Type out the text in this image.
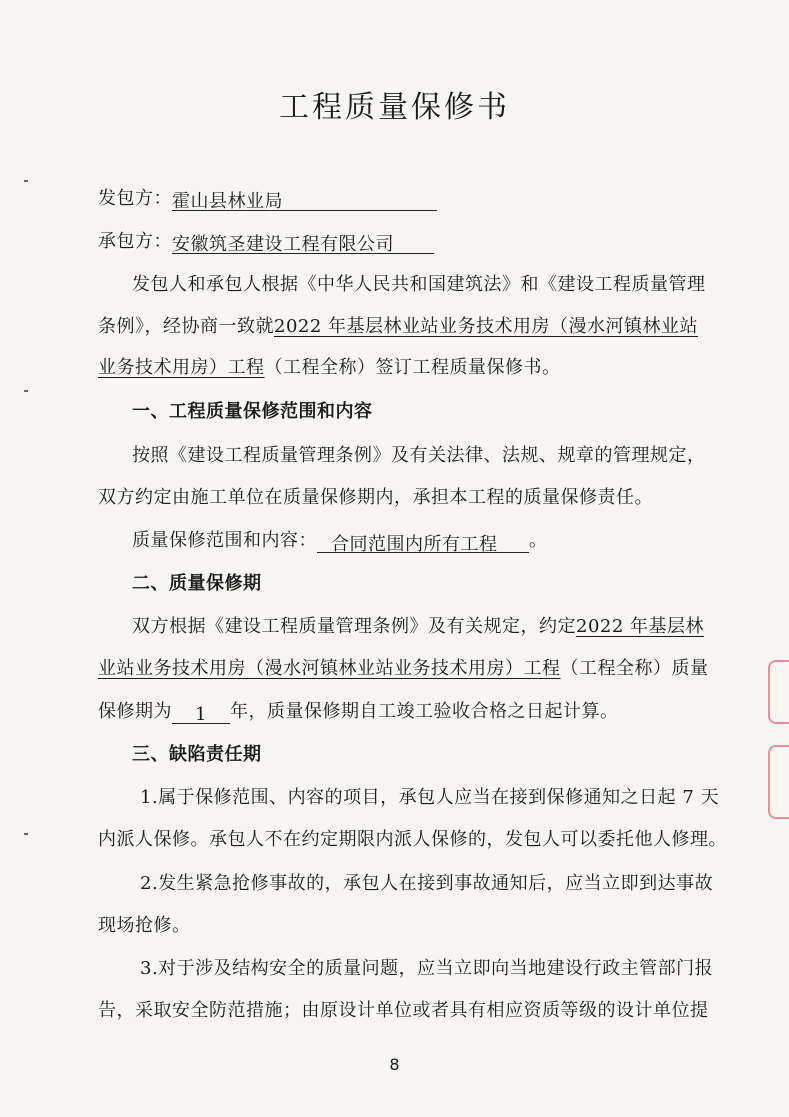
工程质量保修书
发包方：霍山县林业局
承包方：安徽筑圣建设工程有限公司
发包人和承包人根据《中华人民共和国建筑法》和《建设工程质量管理
条例》，经协商一致就2022 年基层林业站业务技术用房（漫水河镇林业站
业务技术用房）工程（工程全称）签订工程质量保修书。
一、工程质量保修范围和内容
按照《建设工程质量管理条例》及有关法律、法规、规章的管理规定，
双方约定由施工单位在质量保修期内，承担本工程的质量保修责任。
质量保修范围和内容： 合同范围内所有工程 。
二、质量保修期
双方根据《建设工程质量管理条例》及有关规定，约定2022 年基层林
业站业务技术用房（漫水河镇林业站业务技术用房）工程（工程全称）质量
保修期为 1 年，质量保修期自工竣工验收合格之日起计算。
三、缺陷责任期
1.属于保修范围、内容的项目，承包人应当在接到保修通知之日起 7 天
内派人保修。承包人不在约定期限内派人保修的，发包人可以委托他人修理。
2.发生紧急抢修事故的，承包人在接到事故通知后，应当立即到达事故
现场抢修。
3.对于涉及结构安全的质量问题，应当立即向当地建设行政主管部门报
告，采取安全防范措施；由原设计单位或者具有相应资质等级的设计单位提
8
